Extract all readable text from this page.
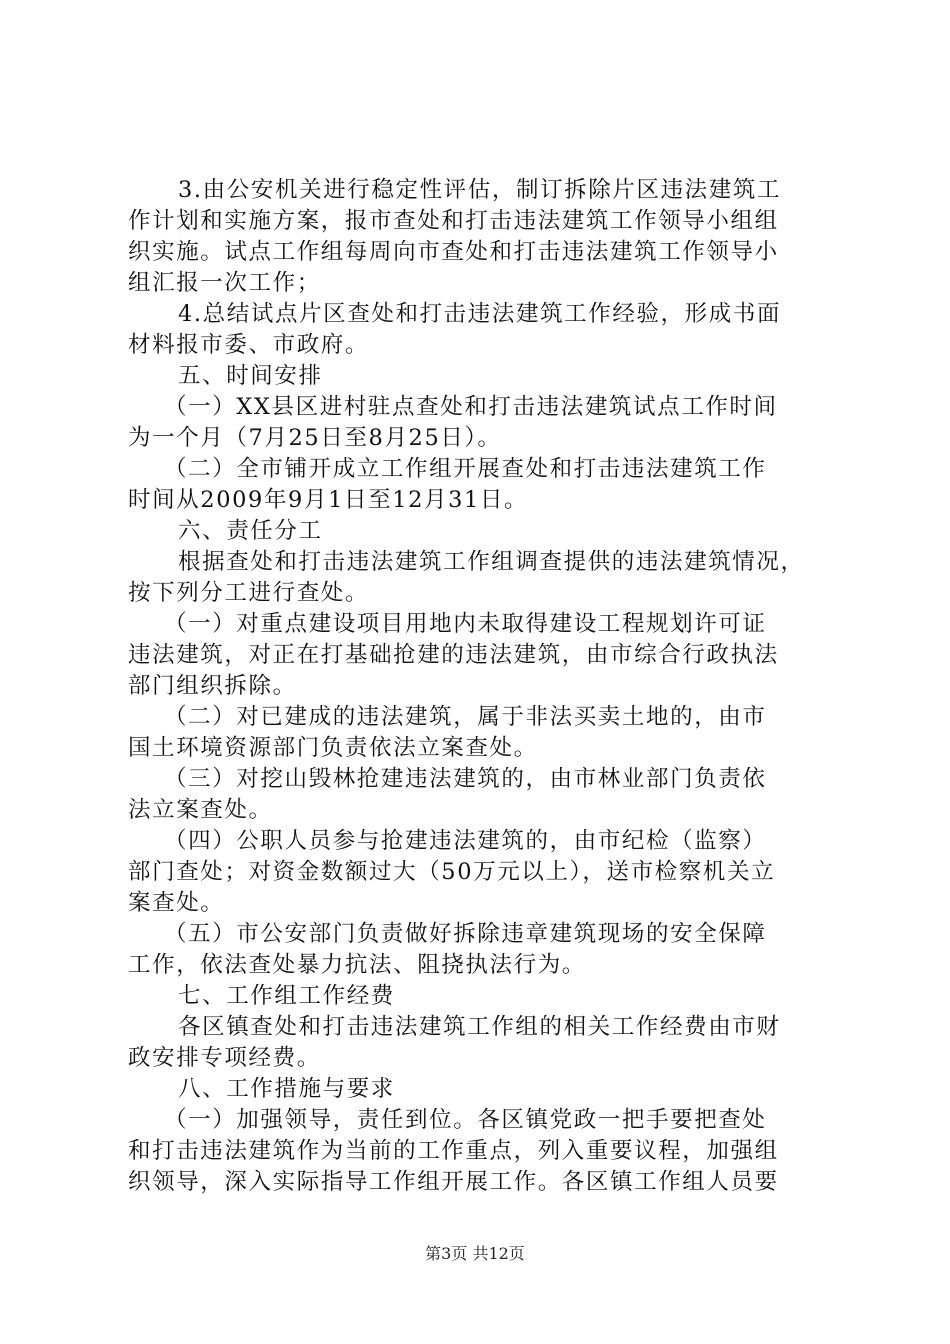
3.由公安机关进行稳定性评估，制订拆除片区违法建筑工
作计划和实施方案，报市查处和打击违法建筑工作领导小组组
织实施。试点工作组每周向市查处和打击违法建筑工作领导小
组汇报一次工作；
4.总结试点片区查处和打击违法建筑工作经验，形成书面
材料报市委、市政府。
五、时间安排
（一）XX县区进村驻点查处和打击违法建筑试点工作时间
为一个月（7月25日至8月25日）。
（二）全市铺开成立工作组开展查处和打击违法建筑工作
时间从2009年9月1日至12月31日。
六、责任分工
根据查处和打击违法建筑工作组调查提供的违法建筑情况，
按下列分工进行查处。
（一）对重点建设项目用地内未取得建设工程规划许可证
违法建筑，对正在打基础抢建的违法建筑，由市综合行政执法
部门组织拆除。
（二）对已建成的违法建筑，属于非法买卖土地的，由市
国土环境资源部门负责依法立案查处。
（三）对挖山毁林抢建违法建筑的，由市林业部门负责依
法立案查处。
（四）公职人员参与抢建违法建筑的，由市纪检（监察）
部门查处；对资金数额过大（50万元以上），送市检察机关立
案查处。
（五）市公安部门负责做好拆除违章建筑现场的安全保障
工作，依法查处暴力抗法、阻挠执法行为。
七、工作组工作经费
各区镇查处和打击违法建筑工作组的相关工作经费由市财
政安排专项经费。
八、工作措施与要求
（一）加强领导，责任到位。各区镇党政一把手要把查处
和打击违法建筑作为当前的工作重点，列入重要议程，加强组
织领导，深入实际指导工作组开展工作。各区镇工作组人员要
第3页 共12页
